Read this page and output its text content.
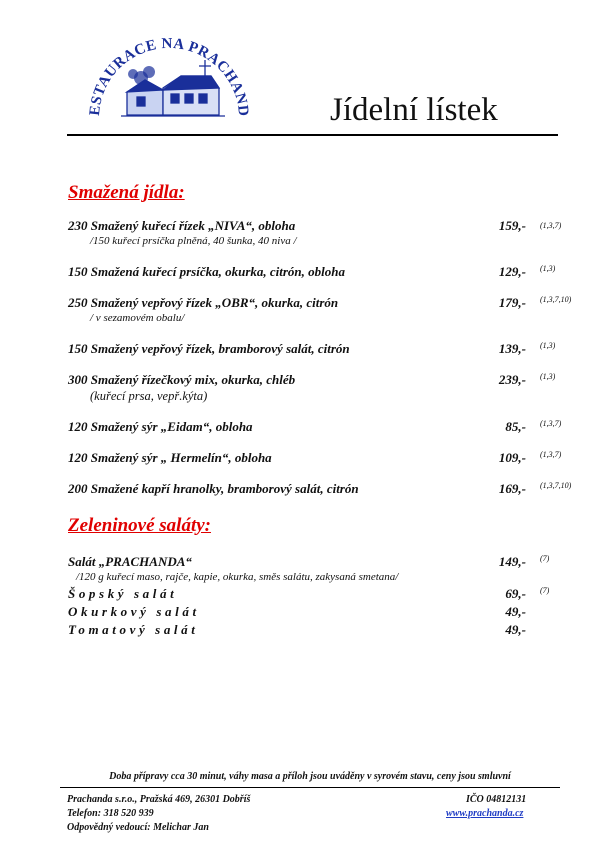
ESTAURACE NA PRACHAND Jídelní lístek
Smažená jídla:
230 Smažený kuřecí řízek „NIVA“, obloha	159,- (1,3,7)
/150 kuřecí prsíčka plněná, 40 šunka, 40 niva /
150 Smažená kuřecí prsíčka, okurka, citrón, obloha	129,- (1,3)
250 Smažený vepřový řízek „OBR“, okurka, citrón	179,- (1,3,7,10)
/ v sezamovém obalu/
150 Smažený vepřový řízek, bramborový salát, citrón	139,- (1,3)
300 Smažený řízečkový mix, okurka, chléb	239,- (1,3)
(kuřecí prsa, vepř.kýta)
120 Smažený sýr „Eidam“, obloha	85,- (1,3,7)
120 Smažený sýr „ Hermelín“, obloha	109,- (1,3,7)
200 Smažené kapří hranolky, bramborový salát, citrón	169,- (1,3,7,10)
Zeleninové saláty:
Salát „PRACHANDA“	149,- (7)
/120 g kuřecí maso, rajče, kapie, okurka, směs salátu, zakysaná smetana/
Šopský salát	69,- (7)
Okurkový salát	49,-
Tomatový salát	49,-
Doba přípravy cca 30 minut, váhy masa a příloh jsou uváděny v syrovém stavu, ceny jsou smluvní
Prachanda s.r.o., Pražská 469, 26301 Dobříš	IČO 04812131
Telefon: 318 520 939	www.prachanda.cz
Odpovědný vedoucí: Melichar Jan
